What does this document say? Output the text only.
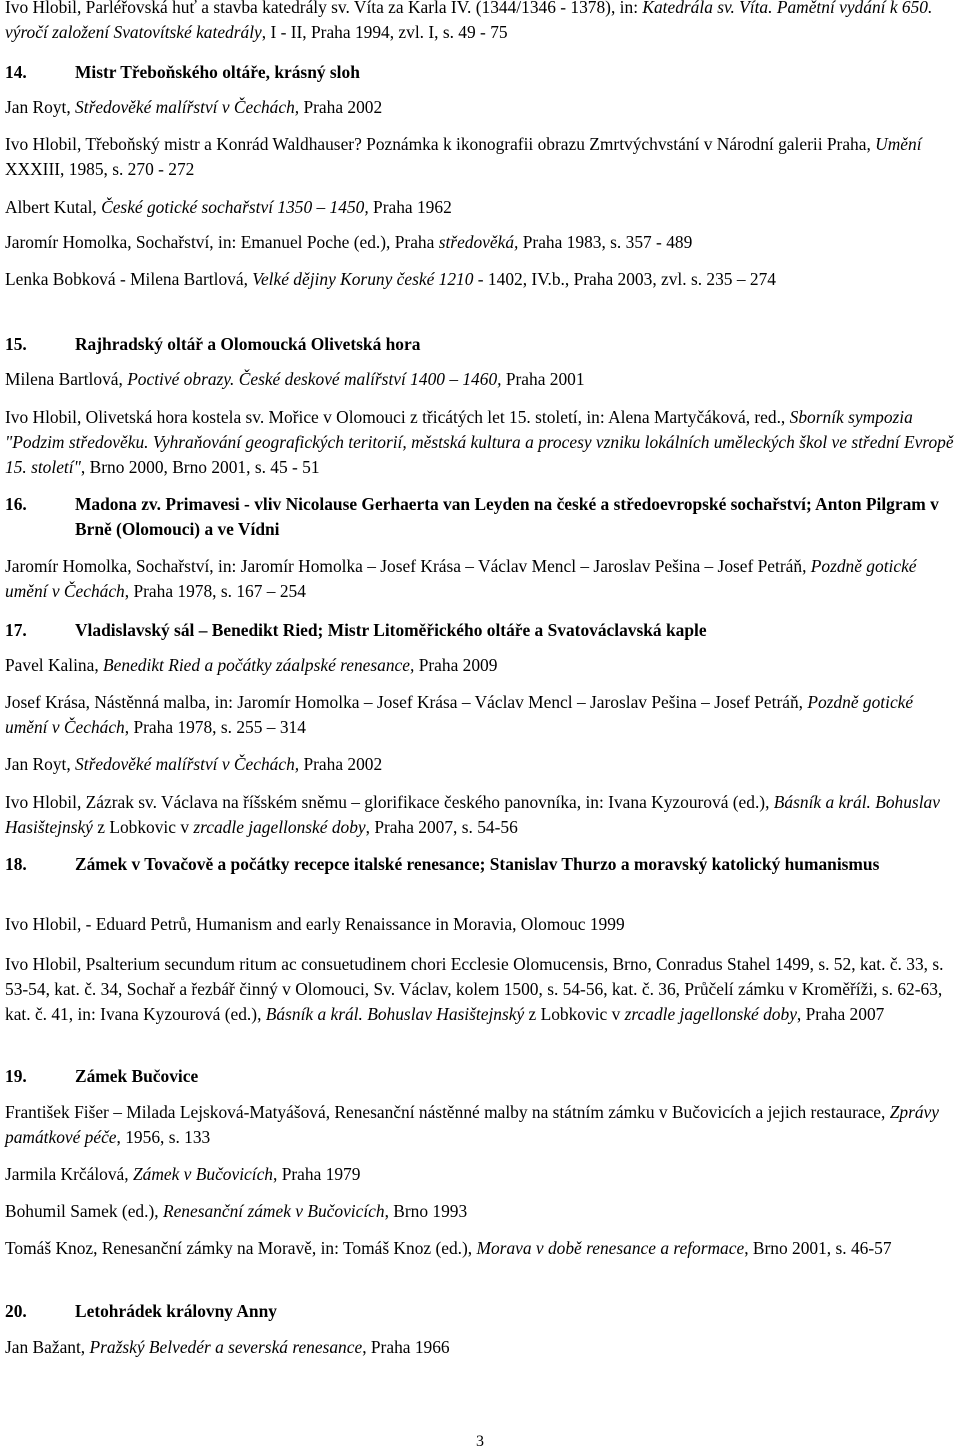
Ivo Hlobil, Parléřovská huť a stavba katedrály sv. Víta za Karla IV. (1344/1346 - 1378), in: Katedrála sv. Víta. Pamětní vydání k 650. výročí založení Svatovítské katedrály, I - II, Praha 1994, zvl. I, s. 49 - 75

14.	Mistr Třeboňského oltáře, krásný sloh

Jan Royt, Středověké malířství v Čechách, Praha 2002

Ivo Hlobil, Třeboňský mistr a Konrád Waldhauser? Poznámka k ikonografii obrazu Zmrtvýchvstání v Národní galerii Praha, Umění XXXIII, 1985, s. 270 - 272

Albert Kutal, České gotické sochařství 1350 – 1450, Praha 1962

Jaromír Homolka, Sochařství, in: Emanuel Poche (ed.), Praha středověká, Praha 1983, s. 357 - 489

Lenka Bobková - Milena Bartlová, Velké dějiny Koruny české 1210 - 1402, IV.b., Praha 2003, zvl. s. 235 – 274

15.	Rajhradský oltář a Olomoucká Olivetská hora

Milena Bartlová, Poctivé obrazy. České deskové malířství 1400 – 1460, Praha 2001

Ivo Hlobil, Olivetská hora kostela sv. Mořice v Olomouci z třicátých let 15. století, in: Alena Martyčáková, red., Sborník sympozia "Podzim středověku. Vyhraňování geografických teritorií, městská kultura a procesy vzniku lokálních uměleckých škol ve střední Evropě 15. století", Brno 2000, Brno 2001, s. 45 - 51

16.	Madona zv. Primavesi - vliv Nicolause Gerhaerta van Leyden na české a středoevropské sochařství; Anton Pilgram v Brně (Olomouci) a ve Vídni

Jaromír Homolka, Sochařství, in: Jaromír Homolka – Josef Krása – Václav Mencl – Jaroslav Pešina – Josef Petráň, Pozdně gotické umění v Čechách, Praha 1978, s. 167 – 254

17.	Vladislavský sál – Benedikt Ried; Mistr Litoměřického oltáře a Svatováclavská kaple

Pavel Kalina, Benedikt Ried a počátky záalpské renesance, Praha 2009

Josef Krása, Nástěnná malba, in: Jaromír Homolka – Josef Krása – Václav Mencl – Jaroslav Pešina – Josef Petráň, Pozdně gotické umění v Čechách, Praha 1978, s. 255 – 314

Jan Royt, Středověké malířství v Čechách, Praha 2002

Ivo Hlobil, Zázrak sv. Václava na říšském sněmu – glorifikace českého panovníka, in: Ivana Kyzourová (ed.), Básník a král. Bohuslav Hasištejnský z Lobkovic v zrcadle jagellonské doby, Praha 2007, s. 54-56

18.	Zámek v Tovačově a počátky recepce italské renesance; Stanislav Thurzo a moravský katolický humanismus

Ivo Hlobil, - Eduard Petrů, Humanism and early Renaissance in Moravia, Olomouc 1999

Ivo Hlobil, Psalterium secundum ritum ac consuetudinem chori Ecclesie Olomucensis, Brno, Conradus Stahel 1499, s. 52, kat. č. 33, s. 53-54, kat. č. 34, Sochař a řezbář činný v Olomouci, Sv. Václav, kolem 1500, s. 54-56, kat. č. 36, Průčelí zámku v Kroměříži, s. 62-63, kat. č. 41, in: Ivana Kyzourová (ed.), Básník a král. Bohuslav Hasištejnský z Lobkovic v zrcadle jagellonské doby, Praha 2007

19.	Zámek Bučovice

František Fišer – Milada Lejsková-Matyášová, Renesanční nástěnné malby na státním zámku v Bučovicích a jejich restaurace, Zprávy památkové péče, 1956, s. 133

Jarmila Krčálová, Zámek v Bučovicích, Praha 1979

Bohumil Samek (ed.), Renesanční zámek v Bučovicích, Brno 1993

Tomáš Knoz, Renesanční zámky na Moravě, in: Tomáš Knoz (ed.), Morava v době renesance a reformace, Brno 2001, s. 46-57

20.	Letohrádek královny Anny

Jan Bažant, Pražský Belvedér a severská renesance, Praha 1966

3
